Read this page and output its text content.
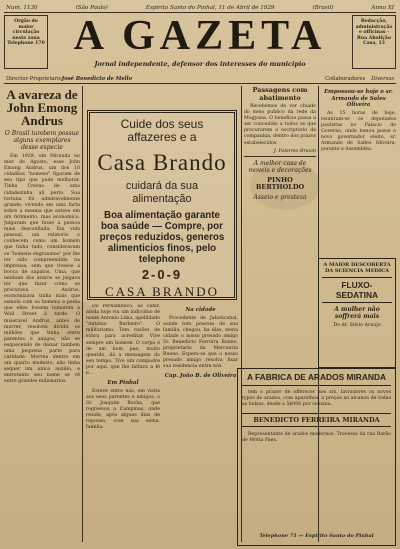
Num. 1130	(São Paulo)	Espirito Santo do Pinhal, 11 de Abril de 1929	(Brasil)	Anno XI
Orgão do maior circulação neste zona Telephone 170
Redacção, administração e officinas - Rua Abolição Casa, 13
A GAZETA
Jornal independente, defensor dos interesses do municipio
Director-Proprietario José Benedicto de Mello	Collaboradores Diversos
A avareza de John Emong Andrus
O Brasil tambem possue alguns exemplares desse especie

Em 1929, em Miranda no mez de Agosto, esse John Emong Andrus, um dos 10 cidadãos "homens" figuram de seu tipo que pude melhorar. Tinha Cresus de uma cidadezinha ali perto. Sua fortuna foi admiravelmente grande, vivendo em uma farta sobre a mesma que esteve em um ferimento, mas economico. Julgavam que fosse a pessoa mais desconfiada. Em vida pessoal, um relatorio o conhecem como um homem que tinha tudo, consideravam os "homens engraxates" por lhe ter sido compreendida na imprensa, sem que tivesse a bocca de sapatos. Uma, que nenhum dos avaros se julgava ter que fazer como se procurava Andrus, economizava tinha mais que esmola com os homens e pedia que elles fossem tomarem a Wall Street à tarde. O miseravel Andrus, antes de morrer, resolveu dividir os milhões que tinha entre parentes e amigos, não se esquecendo de deixar tambem uma pequena parte para caridade. Morreu dentro em um quarto modesto, não tinha sequer um unico auxilio, e entretanto seu nome se vê entre grandes milionarios.

Cuide dos seus affazeres e a
Casa Brando
cuidará da sua alimentação
Boa alimentação garante boa saúde — Compre, por preços reduzidos, generos alimenticios finos, pelo telephone
2-0-9
CASA BRANDO

Do Pernambuco, ao cahir, ainda hoje viu um individuo de nome Antonio Lima, apellidado "Antonio Barbeiro". O militarismo. Tem razões de sobra para acreditar. Vive sempre um homem. O corpo é de um bom pae, muito querido, dá a mensagem do seu tempo. Tive um compadre por aqui, que lhe faltava a fé e...

Em Pinhal

Esteve entre nós, em visita aos seus parentes e amigos, o Sr. Joaquim Rocha, que regressou a Campinas, onde reside, após alguns dias de repouso, com sua exma. familia.

Na cidade

Procedente de Jaboticabal, aonde tem pessoas de sua familia, chegou, ha dias, nesta cidade o nosso presado amigo Sr. Benedicto Ferreira Bueno, proprietario da Mercearia Bueno. Espera-se que o nosso presado amigo resolva fixar sua residencia entre nós.

Cap. João B. de Oliveira
Passagens com abatimento

Recebemos de ver chiado do meio publico da rede da Mogyana. O beneficio passa a ser concedido a todos os que procurarem o escriptorio da companhia, dentro dos prazos estabelecidos.

J. Palermo Bravin
A melhor casa de moveis e decorações
PINHO BERTHOLDO
Asseio e presteza
Empossou-se hoje o sr. Armando de Sales Oliveira

As 15 horas de hoje, reuniram-se os deputados paulistas no Palacio do Governo, onde tomou posse o novo governador eleito, sr. Armando de Salles Oliveira, perante a Assembléa.

A MAIOR DESCOBERTA DA SCIENCIA MEDICA
FLUXO-SEDATINA
A mulher não soffrerá mais
Do dr. Silvio Araujo
A FABRICA DE ARADOS MIRANDA

tem o prazer de offerecer aos srs. lavradores os novos typos de arados, com aparelhos, a preços ao alcance de todas as bolsas, desde a 5$000 por semana.

BENEDICTO FERREIRA MIRANDA

Representante de arados modernos. Travessa da rua Barão de Motta Paes.

Telephone 71 — Espirito Santo do Pinhal
